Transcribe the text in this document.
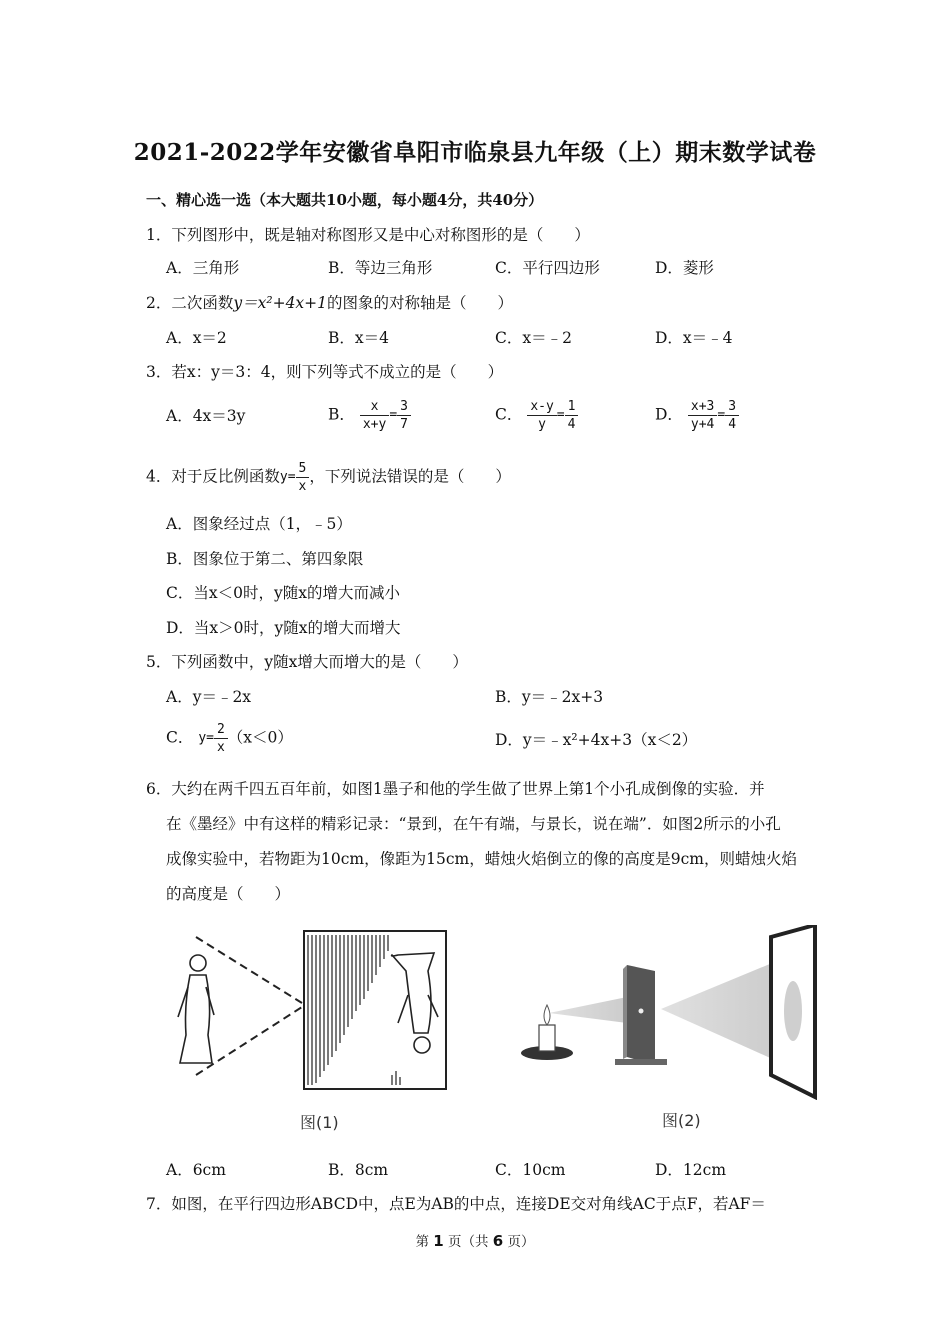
2021-2022学年安徽省阜阳市临泉县九年级（上）期末数学试卷
一、精心选一选（本大题共10小题，每小题4分，共40分）
1．下列图形中，既是轴对称图形又是中心对称图形的是（　　）
A．三角形	B．等边三角形	C．平行四边形	D．菱形
2．二次函数y＝x²+4x+1的图象的对称轴是（　　）
A．x＝2	B．x＝4	C．x＝﹣2	D．x＝﹣4
3．若x：y＝3：4，则下列等式不成立的是（　　）
A．4x＝3y	B． $\frac{x}{x+y} = \frac{3}{7}$	C． $\frac{x-y}{y} = \frac{1}{4}$	D． $\frac{x+3}{y+4} = \frac{3}{4}$
4．对于反比例函数$y= \frac{5}{x}$ ，下列说法错误的是（　　）
A．图象经过点（1，﹣5）
B．图象位于第二、第四象限
C．当x＜0时，y随x的增大而减小
D．当x＞0时，y随x的增大而增大
5．下列函数中，y随x增大而增大的是（　　）
A．y＝﹣2x	B．y＝﹣2x+3
C． $y= \frac{2}{x} (x<0)$	D．y＝﹣x²+4x+3（x＜2）
6．大约在两千四五百年前，如图1墨子和他的学生做了世界上第1个小孔成倒像的实验．并
在《墨经》中有这样的精彩记录：“景到，在午有端，与景长，说在端”．如图2所示的小孔
成像实验中，若物距为10cm，像距为15cm，蜡烛火焰倒立的像的高度是9cm，则蜡烛火焰
的高度是（　　）
图(1)	图(2)
A．6cm	B．8cm	C．10cm	D．12cm
7．如图，在平行四边形ABCD中，点E为AB的中点，连接DE交对角线AC于点F，若AF＝
第 1 页（共 6 页）
